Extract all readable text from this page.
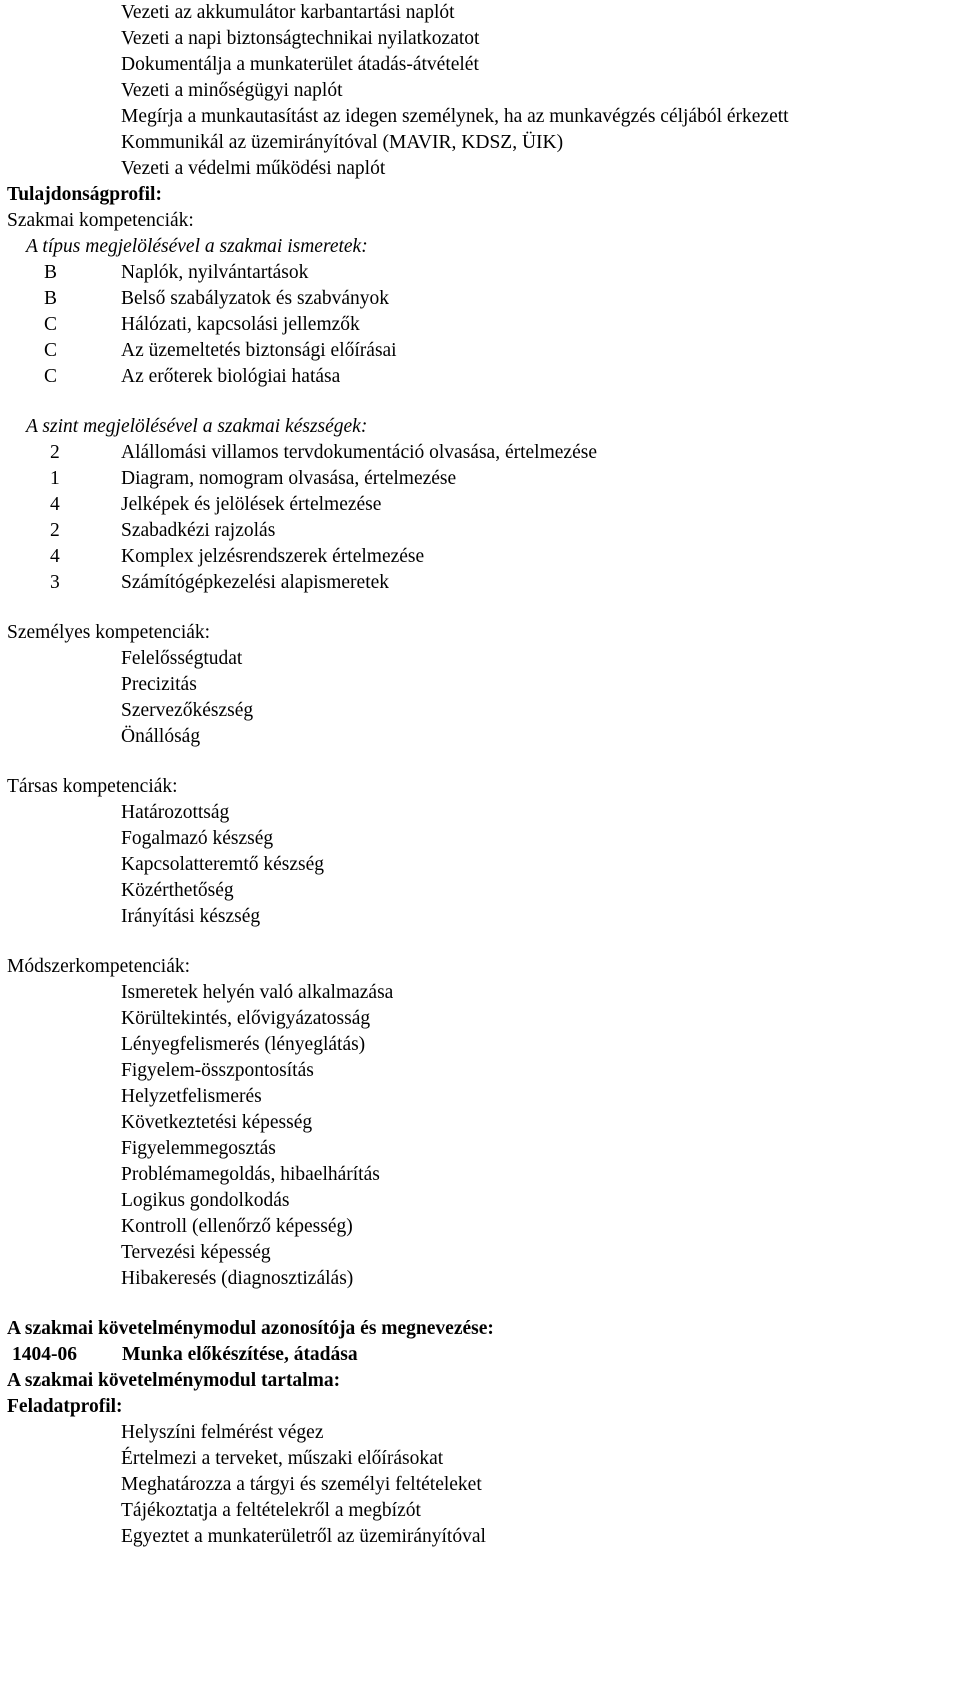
Vezeti az akkumulátor karbantartási naplót
Vezeti a napi biztonságtechnikai nyilatkozatot
Dokumentálja a munkaterület átadás-átvételét
Vezeti a minőségügyi naplót
Megírja a munkautasítást az idegen személynek, ha az munkavégzés céljából érkezett
Kommunikál az üzemirányítóval (MAVIR, KDSZ, ÜIK)
Vezeti a védelmi működési naplót
Tulajdonságprofil:
Szakmai kompetenciák:
A típus megjelölésével a szakmai ismeretek:
B	Naplók, nyilvántartások
B	Belső szabályzatok és szabványok
C	Hálózati, kapcsolási jellemzők
C	Az üzemeltetés biztonsági előírásai
C	Az erőterek biológiai hatása
A szint megjelölésével a szakmai készségek:
2	Alállomási villamos tervdokumentáció olvasása, értelmezése
1	Diagram, nomogram olvasása, értelmezése
4	Jelképek és jelölések értelmezése
2	Szabadkézi rajzolás
4	Komplex jelzésrendszerek értelmezése
3	Számítógépkezelési alapismeretek
Személyes kompetenciák:
Felelősségtudat
Precizitás
Szervezőkészség
Önállóság
Társas kompetenciák:
Határozottság
Fogalmazó készség
Kapcsolatteremtő készség
Közérthetőség
Irányítási készség
Módszerkompetenciák:
Ismeretek helyén való alkalmazása
Körültekintés, elővigyázatosság
Lényegfelismerés (lényeglátás)
Figyelem-összpontosítás
Helyzetfelismerés
Következtetési képesség
Figyelemmegosztás
Problémamegoldás, hibaelhárítás
Logikus gondolkodás
Kontroll (ellenőrző képesség)
Tervezési képesség
Hibakeresés (diagnosztizálás)
A szakmai követelménymodul azonosítója és megnevezése:
1404-06	Munka előkészítése, átadása
A szakmai követelménymodul tartalma:
Feladatprofil:
Helyszíni felmérést végez
Értelmezi a terveket, műszaki előírásokat
Meghatározza a tárgyi és személyi feltételeket
Tájékoztatja a feltételekről a megbízót
Egyeztet a munkaterületről az üzemirányítóval
